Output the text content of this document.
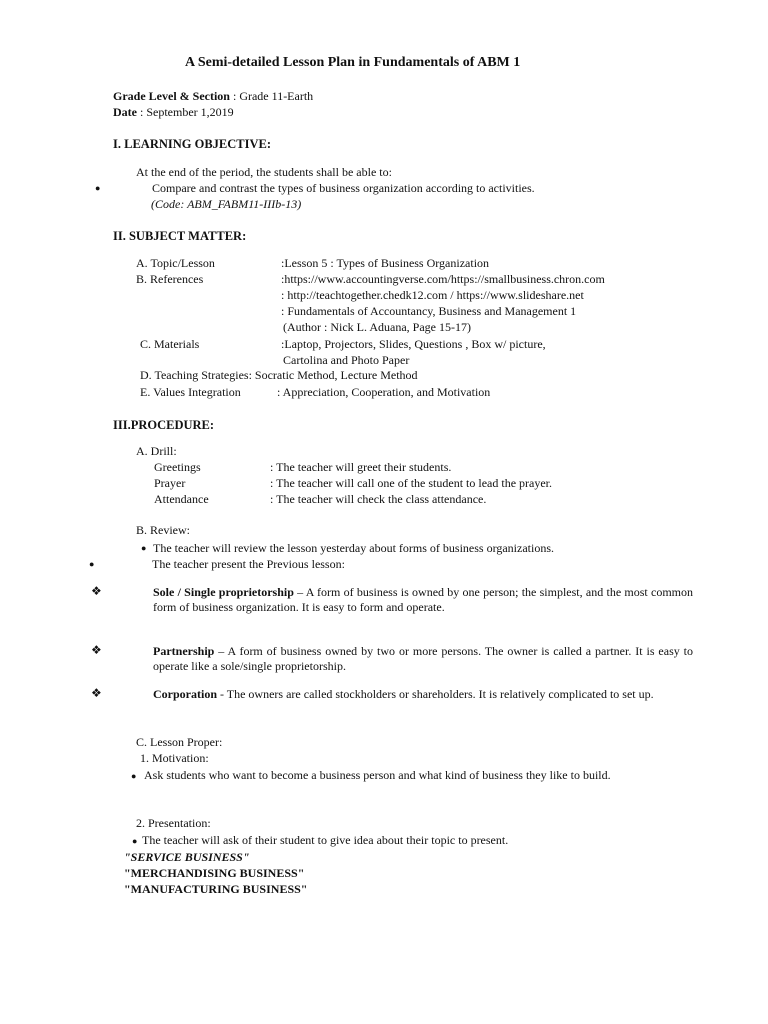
A Semi-detailed Lesson Plan in Fundamentals of ABM 1
Grade Level & Section : Grade 11-Earth
Date : September 1,2019
I. LEARNING OBJECTIVE:
At the end of the period, the students shall be able to:
●	Compare and contrast the types of business organization according to activities.
(Code: ABM_FABM11-IIIb-13)
II. SUBJECT MATTER:
A. Topic/Lesson	:Lesson 5 : Types of Business Organization
B. References	:https://www.accountingverse.com/https://smallbusiness.chron.com
: http://teachtogether.chedk12.com / https://www.slideshare.net
: Fundamentals of Accountancy, Business and Management 1
(Author : Nick L. Aduana, Page 15-17)
C. Materials	:Laptop, Projectors, Slides, Questions , Box w/ picture,
Cartolina and Photo Paper
D. Teaching Strategies: Socratic Method, Lecture Method
E. Values Integration	: Appreciation, Cooperation, and Motivation
III.PROCEDURE:
A. Drill:
Greetings	: The teacher will greet their students.
Prayer	: The teacher will call one of the student to lead the prayer.
Attendance	: The teacher will check the class attendance.
B. Review:
● The teacher will review the lesson yesterday about forms of business organizations.
●	The teacher present the Previous lesson:
❖	Sole / Single proprietorship – A form of business is owned by one person; the simplest, and the most common form of business organization. It is easy to form and operate.
❖	Partnership – A form of business owned by two or more persons. The owner is called a partner. It is easy to operate like a sole/single proprietorship.
❖	Corporation - The owners are called stockholders or shareholders. It is relatively complicated to set up.
C. Lesson Proper:
1. Motivation:
● Ask students who want to become a business person and what kind of business they like to build.
2. Presentation:
● The teacher will ask of their student to give idea about their topic to present.
"SERVICE BUSINESS"
"MERCHANDISING BUSINESS"
"MANUFACTURING BUSINESS"
